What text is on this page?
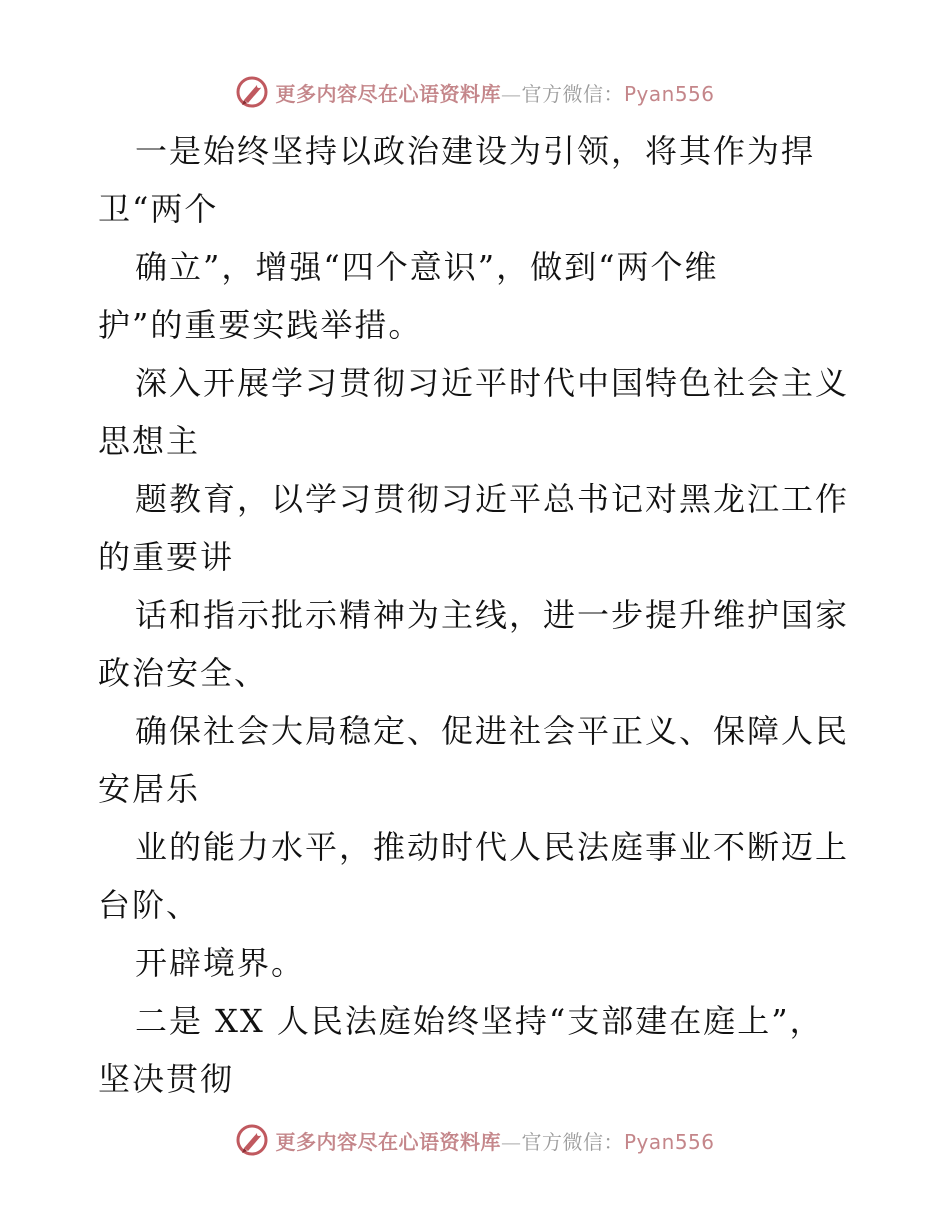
更多内容尽在心语资料库—官方微信：Pyan556
一是始终坚持以政治建设为引领，将其作为捍
卫“两个
确立”，增强“四个意识”，做到“两个维
护”的重要实践举措。
深入开展学习贯彻习近平时代中国特色社会主义
思想主
题教育，以学习贯彻习近平总书记对黑龙江工作
的重要讲
话和指示批示精神为主线，进一步提升维护国家
政治安全、
确保社会大局稳定、促进社会平正义、保障人民
安居乐
业的能力水平，推动时代人民法庭事业不断迈上
台阶、
开辟境界。
二是 XX 人民法庭始终坚持“支部建在庭上”，
坚决贯彻
更多内容尽在心语资料库—官方微信：Pyan556
